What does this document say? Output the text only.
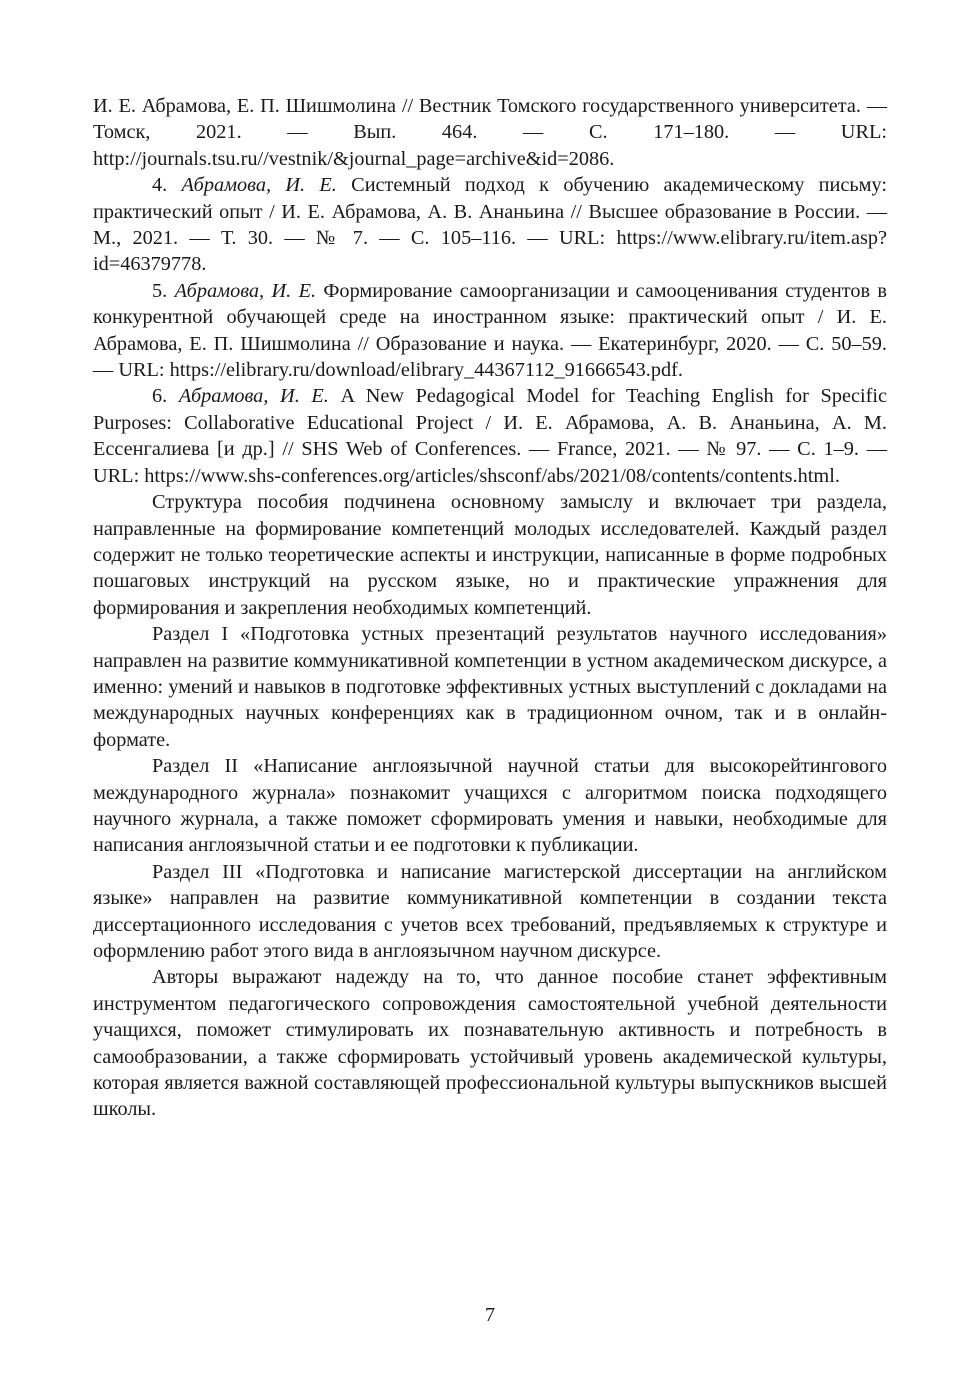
И. Е. Абрамова, Е. П. Шишмолина // Вестник Томского государственного университета. — Томск, 2021. — Вып. 464. — С. 171–180. — URL: http://journals.tsu.ru//vestnik/&journal_page=archive&id=2086.

4. Абрамова, И. Е. Системный подход к обучению академическому письму: практический опыт / И. Е. Абрамова, А. В. Ананьина // Высшее образование в России. — М., 2021. — Т. 30. — № 7. — С. 105–116. — URL: https://www.elibrary.ru/item.asp?id=46379778.

5. Абрамова, И. Е. Формирование самоорганизации и самооценивания студентов в конкурентной обучающей среде на иностранном языке: практический опыт / И. Е. Абрамова, Е. П. Шишмолина // Образование и наука. — Екатеринбург, 2020. — С. 50–59. — URL: https://elibrary.ru/download/elibrary_44367112_91666543.pdf.

6. Абрамова, И. Е. A New Pedagogical Model for Teaching English for Specific Purposes: Collaborative Educational Project / И. Е. Абрамова, А. В. Ананьина, А. М. Ессенгалиева [и др.] // SHS Web of Conferences. — France, 2021. — № 97. — С. 1–9. — URL: https://www.shs-conferences.org/articles/shsconf/abs/2021/08/contents/contents.html.

Структура пособия подчинена основному замыслу и включает три раздела, направленные на формирование компетенций молодых исследователей. Каждый раздел содержит не только теоретические аспекты и инструкции, написанные в форме подробных пошаговых инструкций на русском языке, но и практические упражнения для формирования и закрепления необходимых компетенций.

Раздел I «Подготовка устных презентаций результатов научного исследования» направлен на развитие коммуникативной компетенции в устном академическом дискурсе, а именно: умений и навыков в подготовке эффективных устных выступлений с докладами на международных научных конференциях как в традиционном очном, так и в онлайн-формате.

Раздел II «Написание англоязычной научной статьи для высокорейтингового международного журнала» познакомит учащихся с алгоритмом поиска подходящего научного журнала, а также поможет сформировать умения и навыки, необходимые для написания англоязычной статьи и ее подготовки к публикации.

Раздел III «Подготовка и написание магистерской диссертации на английском языке» направлен на развитие коммуникативной компетенции в создании текста диссертационного исследования с учетов всех требований, предъявляемых к структуре и оформлению работ этого вида в англоязычном научном дискурсе.

Авторы выражают надежду на то, что данное пособие станет эффективным инструментом педагогического сопровождения самостоятельной учебной деятельности учащихся, поможет стимулировать их познавательную активность и потребность в самообразовании, а также сформировать устойчивый уровень академической культуры, которая является важной составляющей профессиональной культуры выпускников высшей школы.

7
